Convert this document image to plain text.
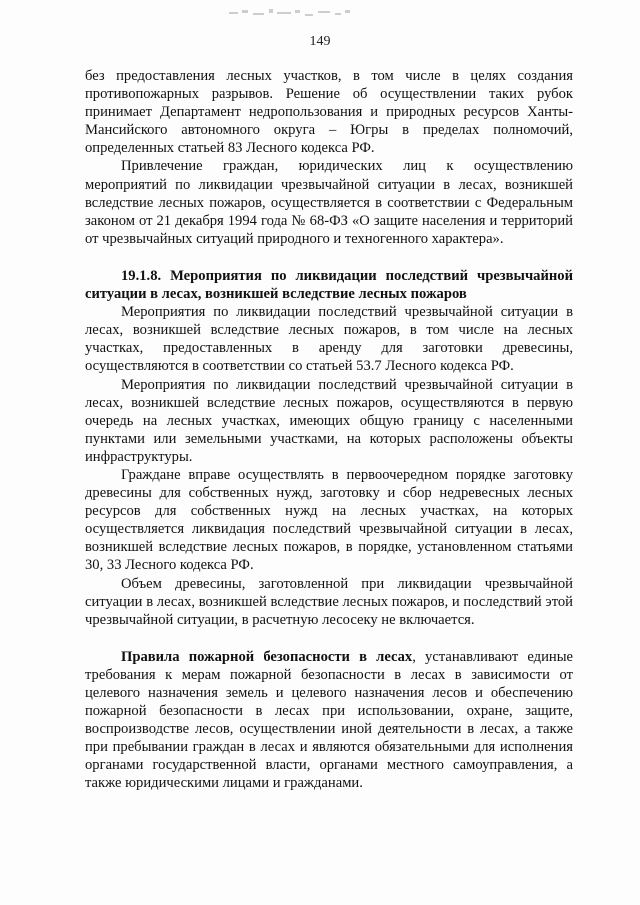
149

без предоставления лесных участков, в том числе в целях создания противопожарных разрывов. Решение об осуществлении таких рубок принимает Департамент недропользования и природных ресурсов Ханты-Мансийского автономного округа – Югры в пределах полномочий, определенных статьей 83 Лесного кодекса РФ.

Привлечение граждан, юридических лиц к осуществлению мероприятий по ликвидации чрезвычайной ситуации в лесах, возникшей вследствие лесных пожаров, осуществляется в соответствии с Федеральным законом от 21 декабря 1994 года № 68-ФЗ «О защите населения и территорий от чрезвычайных ситуаций природного и техногенного характера».

19.1.8. Мероприятия по ликвидации последствий чрезвычайной ситуации в лесах, возникшей вследствие лесных пожаров

Мероприятия по ликвидации последствий чрезвычайной ситуации в лесах, возникшей вследствие лесных пожаров, в том числе на лесных участках, предоставленных в аренду для заготовки древесины, осуществляются в соответствии со статьей 53.7 Лесного кодекса РФ.

Мероприятия по ликвидации последствий чрезвычайной ситуации в лесах, возникшей вследствие лесных пожаров, осуществляются в первую очередь на лесных участках, имеющих общую границу с населенными пунктами или земельными участками, на которых расположены объекты инфраструктуры.

Граждане вправе осуществлять в первоочередном порядке заготовку древесины для собственных нужд, заготовку и сбор недревесных лесных ресурсов для собственных нужд на лесных участках, на которых осуществляется ликвидация последствий чрезвычайной ситуации в лесах, возникшей вследствие лесных пожаров, в порядке, установленном статьями 30, 33 Лесного кодекса РФ.

Объем древесины, заготовленной при ликвидации чрезвычайной ситуации в лесах, возникшей вследствие лесных пожаров, и последствий этой чрезвычайной ситуации, в расчетную лесосеку не включается.

Правила пожарной безопасности в лесах, устанавливают единые требования к мерам пожарной безопасности в лесах в зависимости от целевого назначения земель и целевого назначения лесов и обеспечению пожарной безопасности в лесах при использовании, охране, защите, воспроизводстве лесов, осуществлении иной деятельности в лесах, а также при пребывании граждан в лесах и являются обязательными для исполнения органами государственной власти, органами местного самоуправления, а также юридическими лицами и гражданами.
